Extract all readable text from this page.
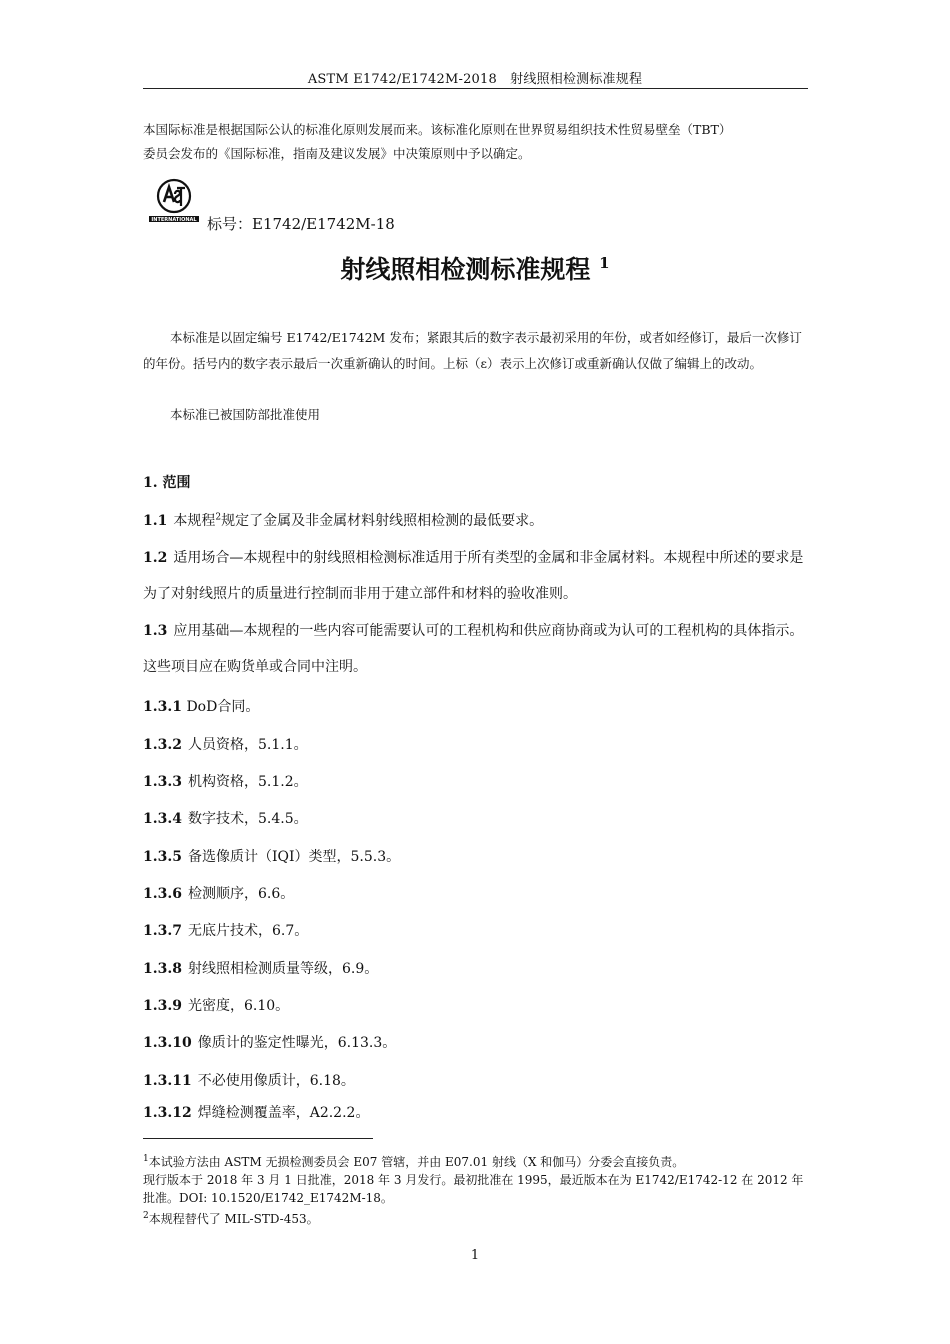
ASTM E1742/E1742M-2018　射线照相检测标准规程
本国际标准是根据国际公认的标准化原则发展而来。该标准化原则在世界贸易组织技术性贸易壁垒（TBT）
委员会发布的《国际标准，指南及建议发展》中决策原则中予以确定。
INTERNATIONAL 标号：E1742/E1742M-18
射线照相检测标准规程 $^1$
本标准是以固定编号 E1742/E1742M 发布；紧跟其后的数字表示最初采用的年份，或者如经修订，最后一次修订的年份。括号内的数字表示最后一次重新确认的时间。上标（ε）表示上次修订或重新确认仅做了编辑上的改动。
本标准已被国防部批准使用
1. 范围
1.1 本规程$^2$规定了金属及非金属材料射线照相检测的最低要求。
1.2 适用场合—本规程中的射线照相检测标准适用于所有类型的金属和非金属材料。本规程中所述的要求是为了对射线照片的质量进行控制而非用于建立部件和材料的验收准则。
1.3 应用基础—本规程的一些内容可能需要认可的工程机构和供应商协商或为认可的工程机构的具体指示。这些项目应在购货单或合同中注明。
1.3.1 DoD合同。
1.3.2 人员资格，5.1.1。
1.3.3 机构资格，5.1.2。
1.3.4 数字技术，5.4.5。
1.3.5 备选像质计（IQI）类型，5.5.3。
1.3.6 检测顺序，6.6。
1.3.7 无底片技术，6.7。
1.3.8 射线照相检测质量等级，6.9。
1.3.9 光密度，6.10。
1.3.10 像质计的鉴定性曝光，6.13.3。
1.3.11 不必使用像质计，6.18。
1.3.12 焊缝检测覆盖率，A2.2.2。
$^1$本试验方法由 ASTM 无损检测委员会 E07 管辖，并由 E07.01 射线（X 和伽马）分委会直接负责。
现行版本于 2018 年 3 月 1 日批准，2018 年 3 月发行。最初批准在 1995，最近版本在为 E1742/E1742-12 在 2012 年批准。DOI: 10.1520/E1742_E1742M-18。
$^2$本规程替代了 MIL-STD-453。
1
